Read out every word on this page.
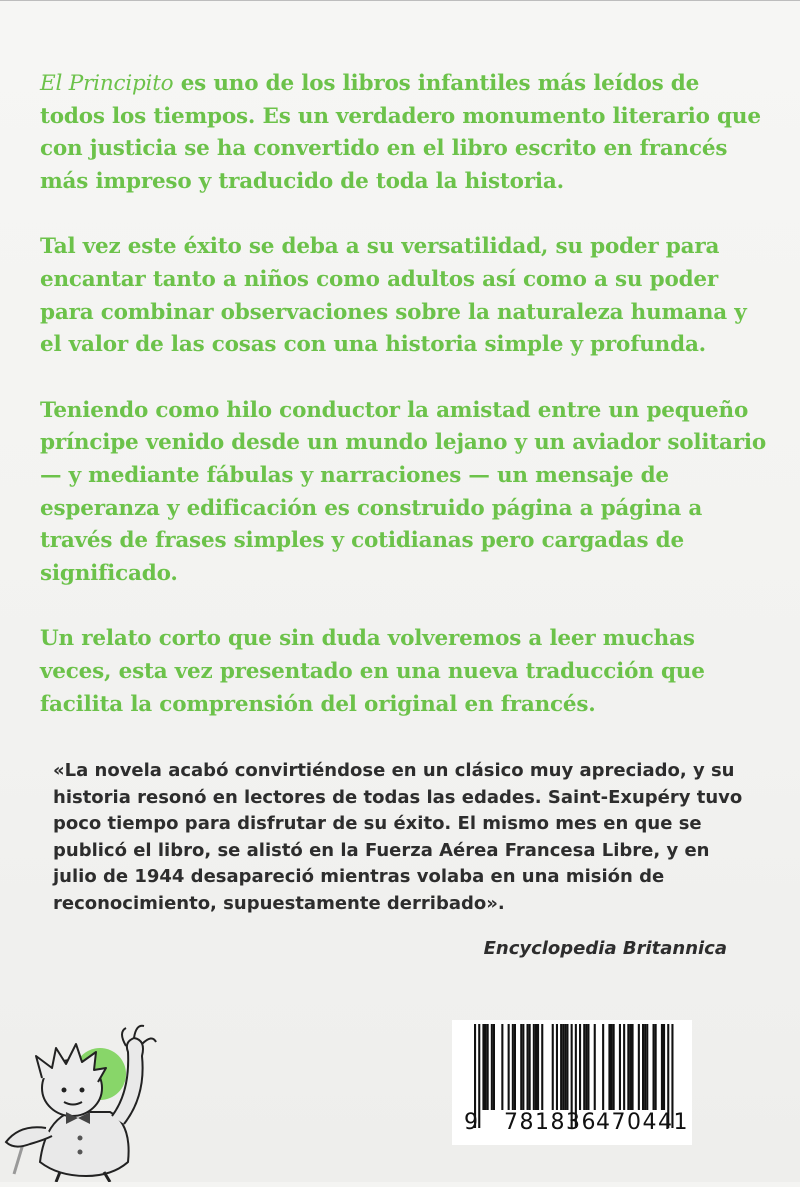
El Principito es uno de los libros infantiles más leídos de todos los tiempos. Es un verdadero monumento literario que con justicia se ha convertido en el libro escrito en francés más impreso y traducido de toda la historia.

Tal vez este éxito se deba a su versatilidad, su poder para encantar tanto a niños como adultos así como a su poder para combinar observaciones sobre la naturaleza humana y el valor de las cosas con una historia simple y profunda.

Teniendo como hilo conductor la amistad entre un pequeño príncipe venido desde un mundo lejano y un aviador solitario — y mediante fábulas y narraciones — un mensaje de esperanza y edificación es construido página a página a través de frases simples y cotidianas pero cargadas de significado.

Un relato corto que sin duda volveremos a leer muchas veces, esta vez presentado en una nueva traducción que facilita la comprensión del original en francés.

«La novela acabó convirtiéndose en un clásico muy apreciado, y su historia resonó en lectores de todas las edades. Saint-Exupéry tuvo poco tiempo para disfrutar de su éxito. El mismo mes en que se publicó el libro, se alistó en la Fuerza Aérea Francesa Libre, y en julio de 1944 desapareció mientras volaba en una misión de reconocimiento, supuestamente derribado».
Encyclopedia Britannica
9 781836 470441
